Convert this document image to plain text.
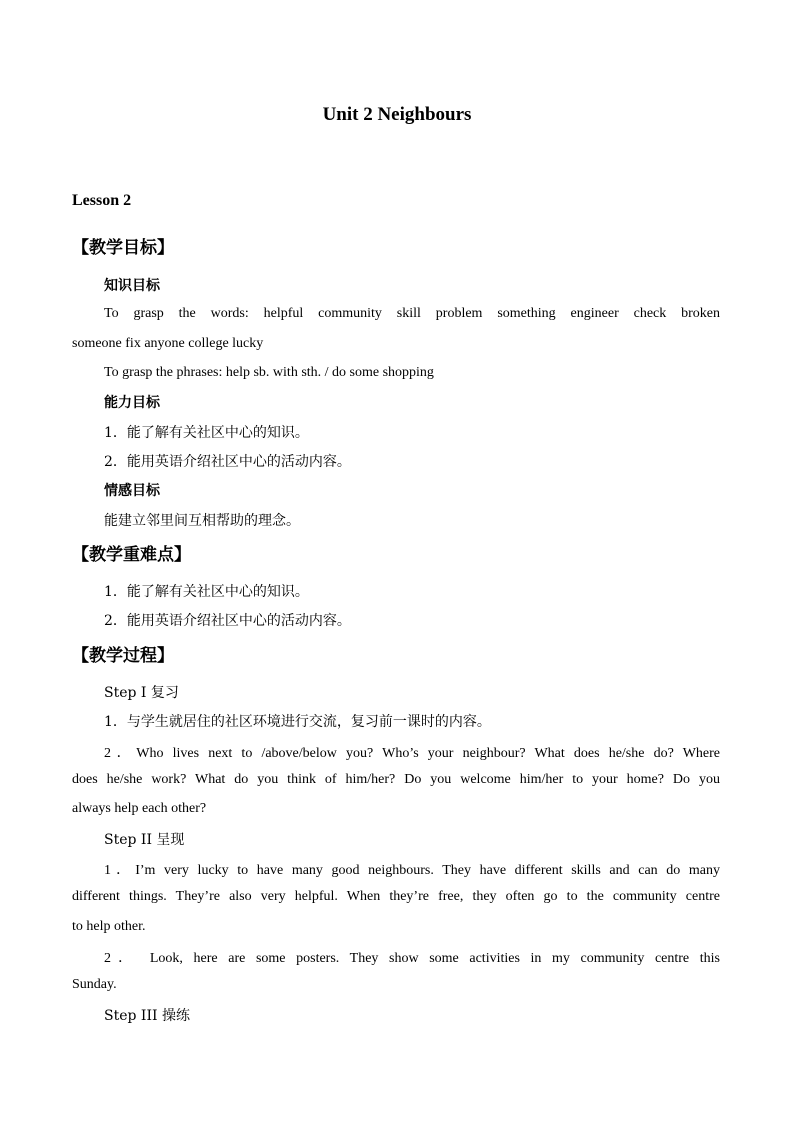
Unit 2 Neighbours
Lesson 2
【教学目标】
知识目标
To grasp the words: helpful community skill problem something engineer check broken
someone fix anyone college lucky
To grasp the phrases: help sb. with sth. / do some shopping
能力目标
1．能了解有关社区中心的知识。
2．能用英语介绍社区中心的活动内容。
情感目标
能建立邻里间互相帮助的理念。
【教学重难点】
1．能了解有关社区中心的知识。
2．能用英语介绍社区中心的活动内容。
【教学过程】
Step I 复习
1．与学生就居住的社区环境进行交流，复习前一课时的内容。
2．Who lives next to /above/below you? Who’s your neighbour? What does he/she do? Where
does he/she work? What do you think of him/her? Do you welcome him/her to your home? Do you
always help each other?
Step II 呈现
1．I’m very lucky to have many good neighbours. They have different skills and can do many
different things. They’re also very helpful. When they’re free, they often go to the community centre
to help other.
2． Look, here are some posters. They show some activities in my community centre this
Sunday.
Step III 操练
